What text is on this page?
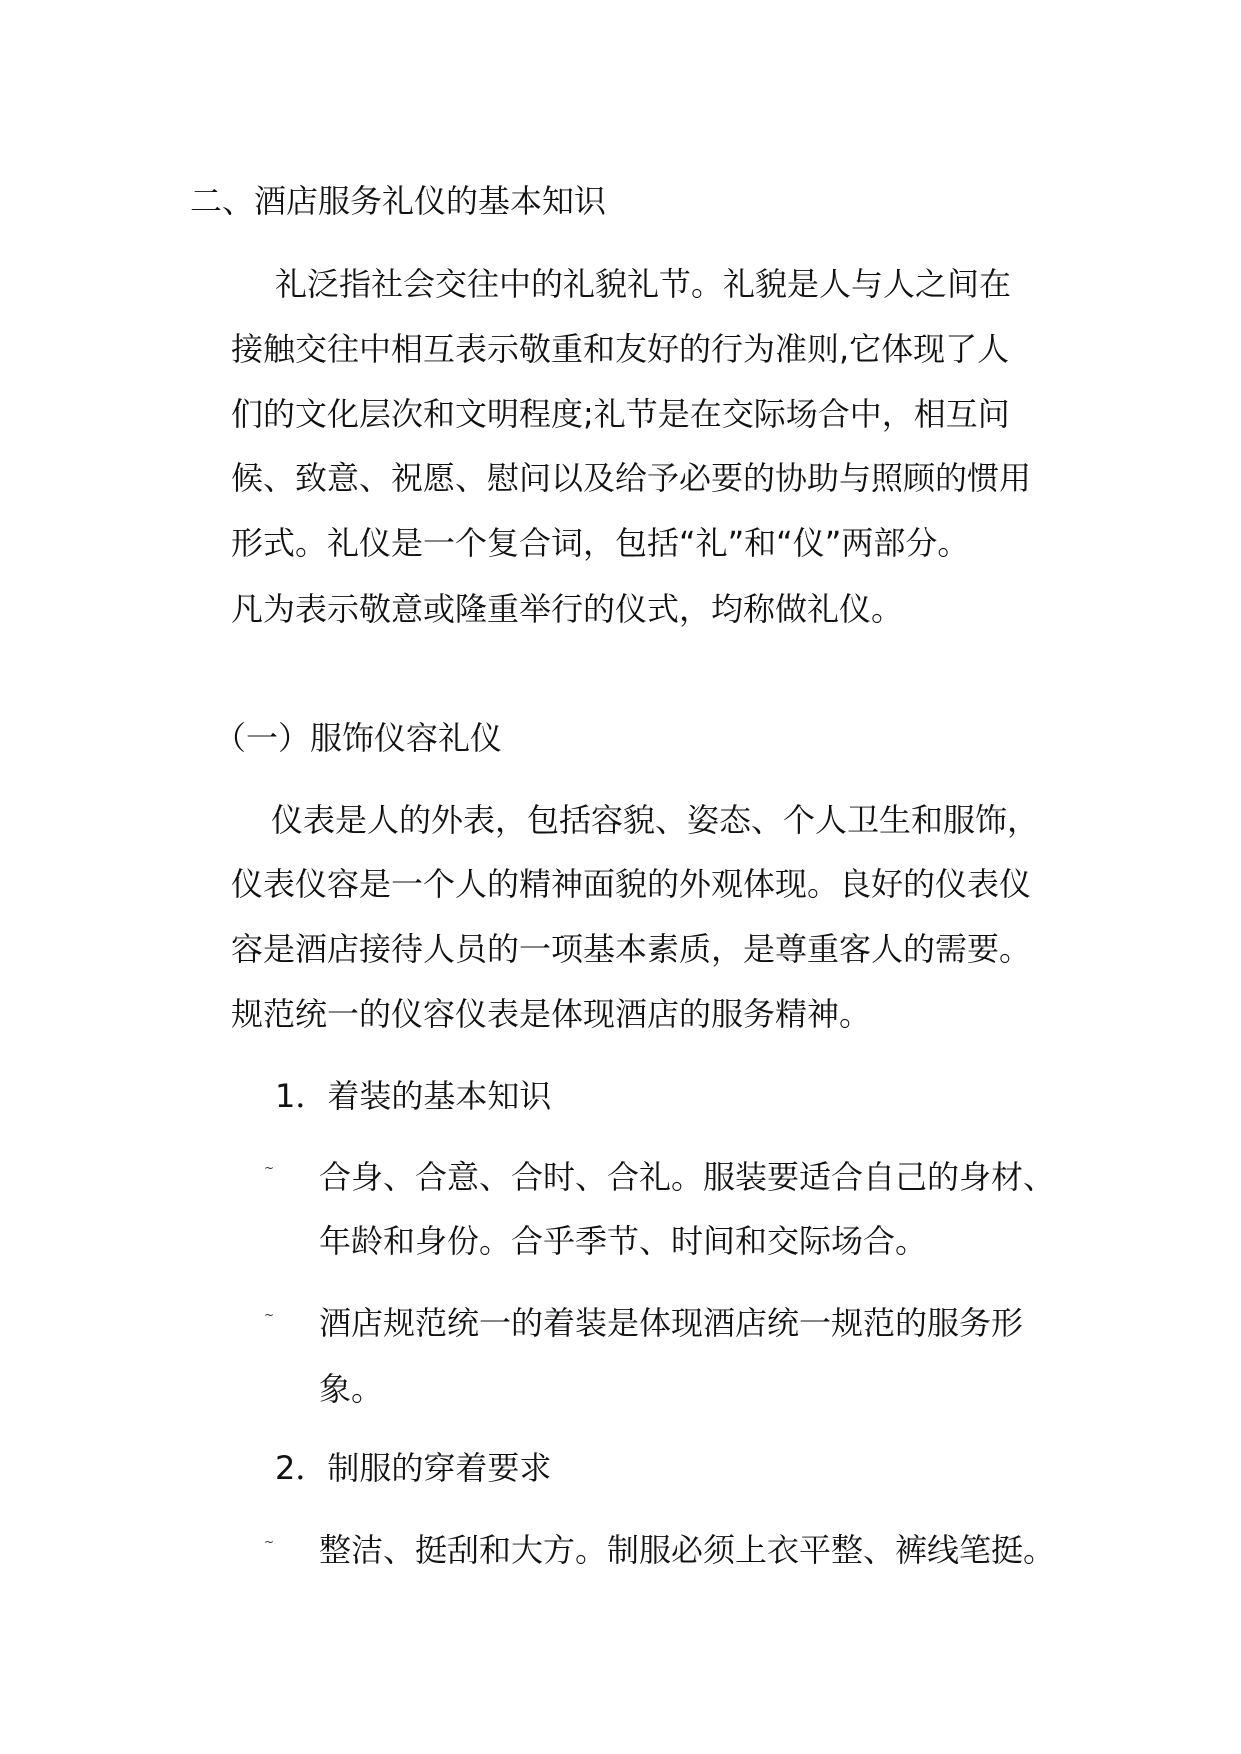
二、酒店服务礼仪的基本知识
礼泛指社会交往中的礼貌礼节。礼貌是人与人之间在
接触交往中相互表示敬重和友好的行为准则,它体现了人
们的文化层次和文明程度;礼节是在交际场合中，相互问
候、致意、祝愿、慰问以及给予必要的协助与照顾的惯用
形式。礼仪是一个复合词，包括“礼”和“仪”两部分。
凡为表示敬意或隆重举行的仪式，均称做礼仪。
（一）服饰仪容礼仪
仪表是人的外表，包括容貌、姿态、个人卫生和服饰，
仪表仪容是一个人的精神面貌的外观体现。良好的仪表仪
容是酒店接待人员的一项基本素质，是尊重客人的需要。
规范统一的仪容仪表是体现酒店的服务精神。
1．着装的基本知识
~ 合身、合意、合时、合礼。服装要适合自己的身材、
年龄和身份。合乎季节、时间和交际场合。
~ 酒店规范统一的着装是体现酒店统一规范的服务形
象。
2．制服的穿着要求
~ 整洁、挺刮和大方。制服必须上衣平整、裤线笔挺。
